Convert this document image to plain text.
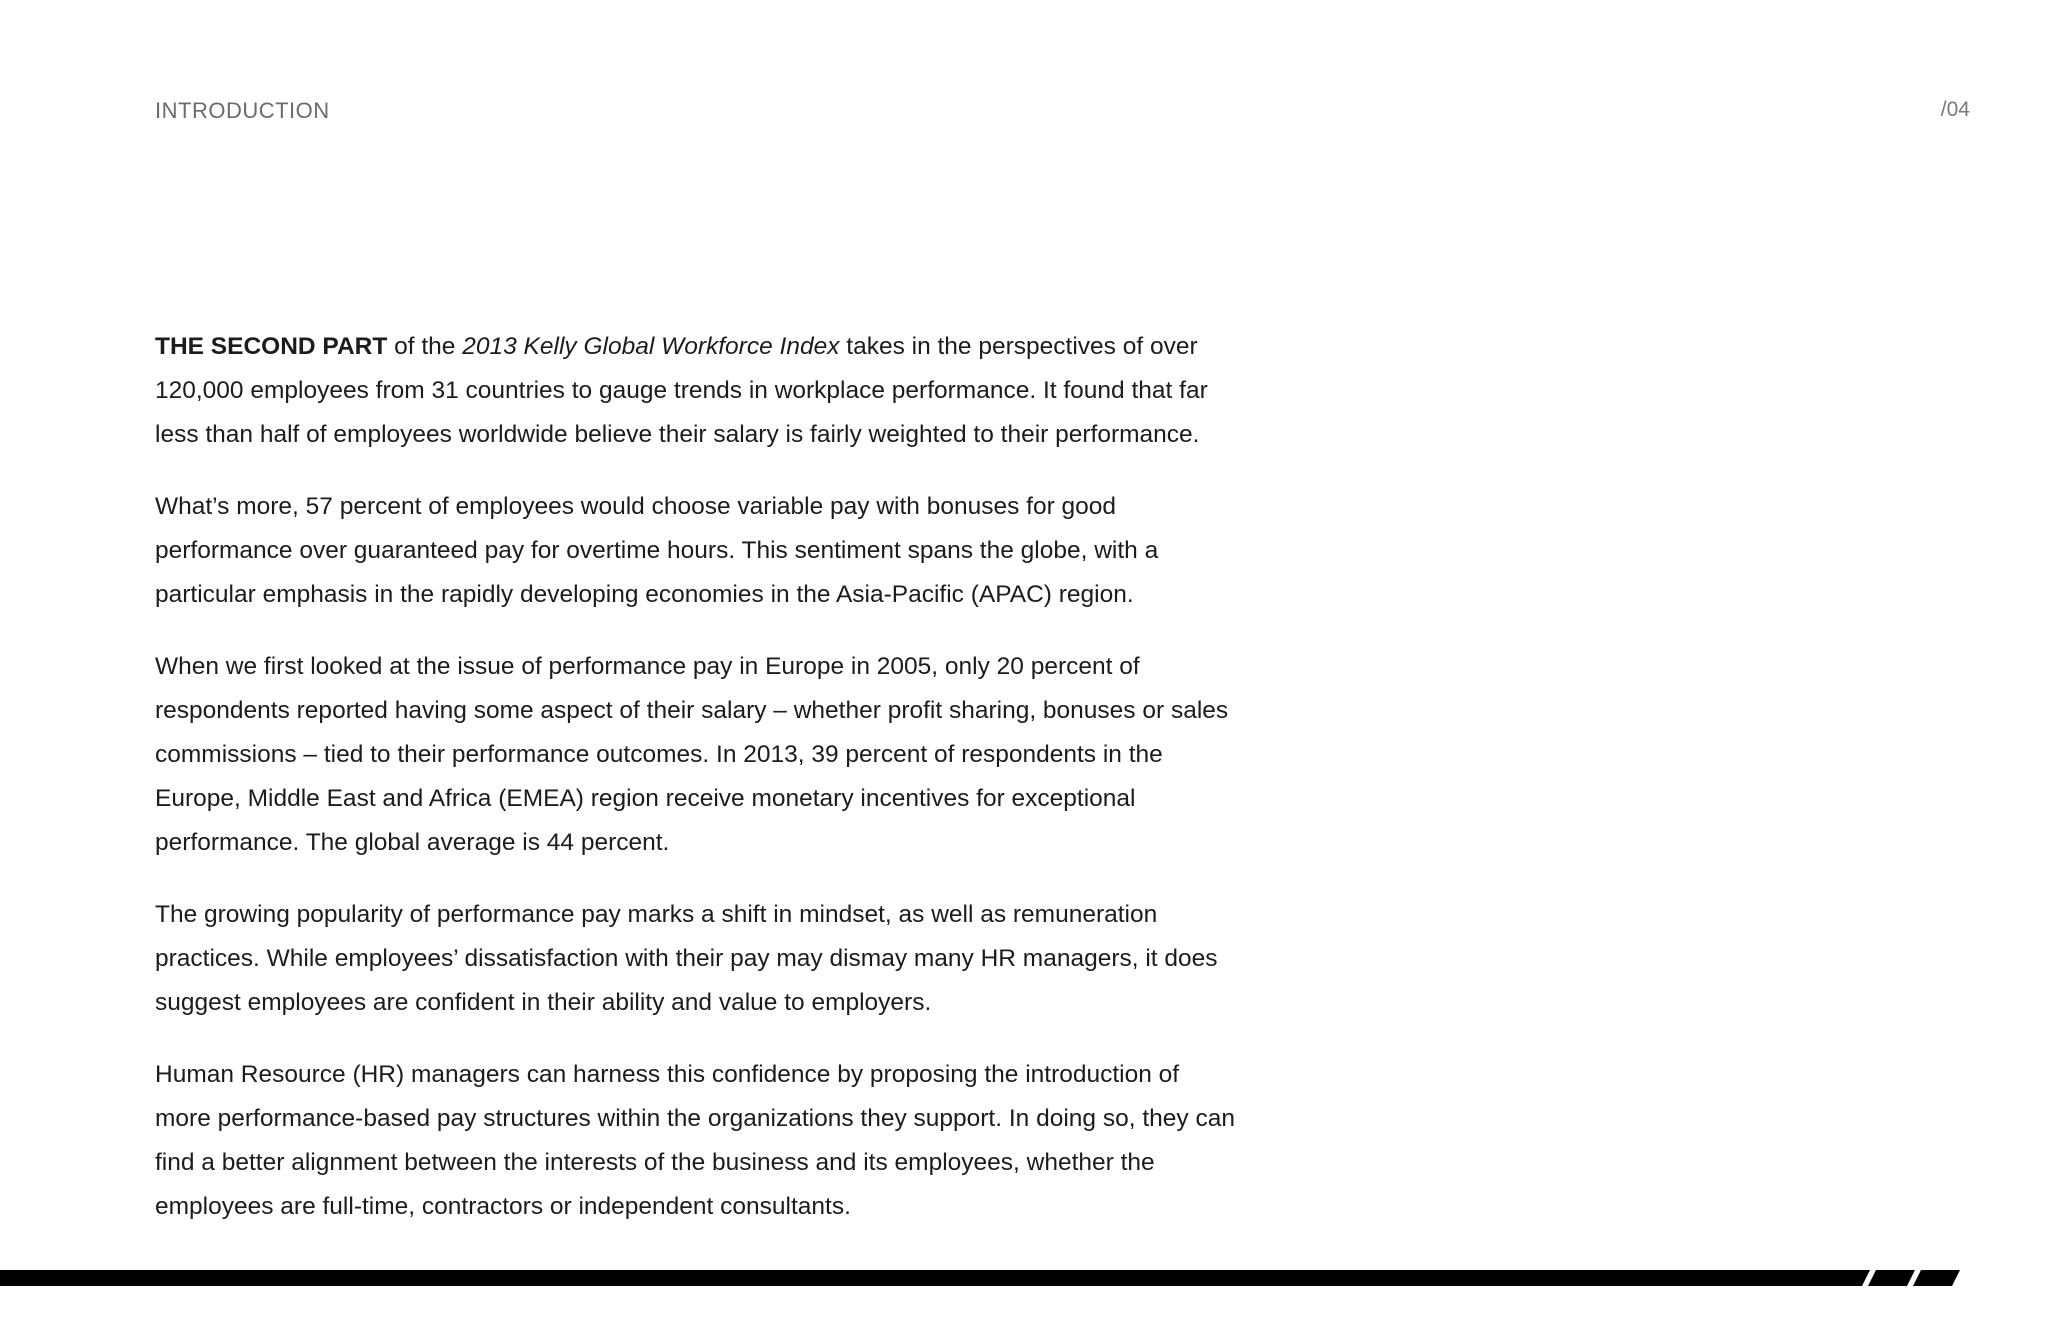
INTRODUCTION	/04

THE SECOND PART of the 2013 Kelly Global Workforce Index takes in the perspectives of over 120,000 employees from 31 countries to gauge trends in workplace performance. It found that far less than half of employees worldwide believe their salary is fairly weighted to their performance.

What’s more, 57 percent of employees would choose variable pay with bonuses for good performance over guaranteed pay for overtime hours. This sentiment spans the globe, with a particular emphasis in the rapidly developing economies in the Asia-Pacific (APAC) region.

When we first looked at the issue of performance pay in Europe in 2005, only 20 percent of respondents reported having some aspect of their salary – whether profit sharing, bonuses or sales commissions – tied to their performance outcomes. In 2013, 39 percent of respondents in the Europe, Middle East and Africa (EMEA) region receive monetary incentives for exceptional performance. The global average is 44 percent.

The growing popularity of performance pay marks a shift in mindset, as well as remuneration practices. While employees’ dissatisfaction with their pay may dismay many HR managers, it does suggest employees are confident in their ability and value to employers.

Human Resource (HR) managers can harness this confidence by proposing the introduction of more performance-based pay structures within the organizations they support. In doing so, they can find a better alignment between the interests of the business and its employees, whether the employees are full-time, contractors or independent consultants.
